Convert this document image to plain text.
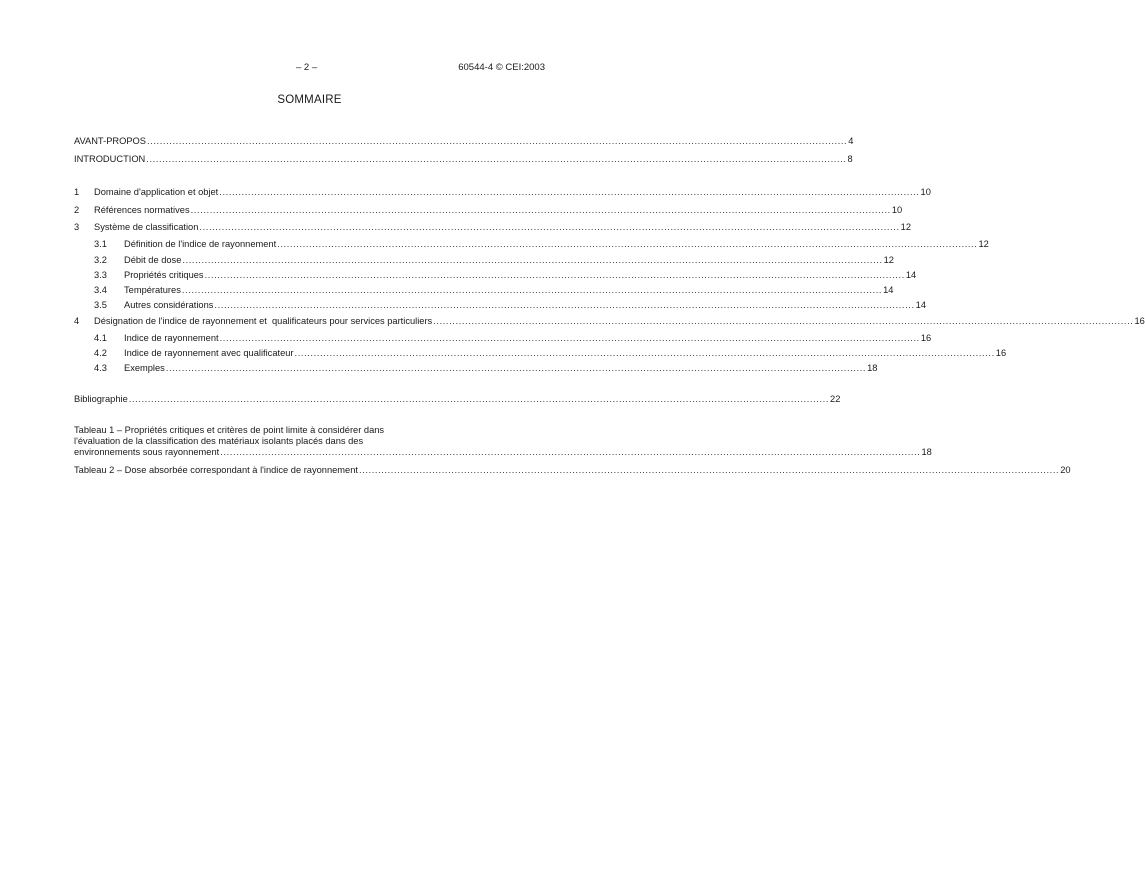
– 2 –	60544-4 © CEI:2003
SOMMAIRE
AVANT-PROPOS ............................................................................................................................................................................................................................ 4
INTRODUCTION ............................................................................................................................................................................................................................ 8
1	Domaine d'application et objet ............................................................................................................................................................................................................................ 10
2	Références normatives ............................................................................................................................................................................................................................ 10
3	Système de classification ............................................................................................................................................................................................................................ 12
3.1	Définition de l'indice de rayonnement ............................................................................................................................................................................................................................ 12
3.2	Débit de dose ............................................................................................................................................................................................................................ 12
3.3	Propriétés critiques ............................................................................................................................................................................................................................ 14
3.4	Températures ............................................................................................................................................................................................................................ 14
3.5	Autres considérations ............................................................................................................................................................................................................................ 14
4	Désignation de l'indice de rayonnement et  qualificateurs pour services particuliers ............................................................................................................................................................................................................................ 16
4.1	Indice de rayonnement ............................................................................................................................................................................................................................ 16
4.2	Indice de rayonnement avec qualificateur ............................................................................................................................................................................................................................ 16
4.3	Exemples ............................................................................................................................................................................................................................ 18
Bibliographie ............................................................................................................................................................................................................................ 22
Tableau 1 – Propriétés critiques et critères de point limite à considérer dans
l'évaluation de la classification des matériaux isolants placés dans des
environnements sous rayonnement ............................................................................................................................................................................................................................ 18
Tableau 2 – Dose absorbée correspondant à l'indice de rayonnement ............................................................................................................................................................................................................................ 20
